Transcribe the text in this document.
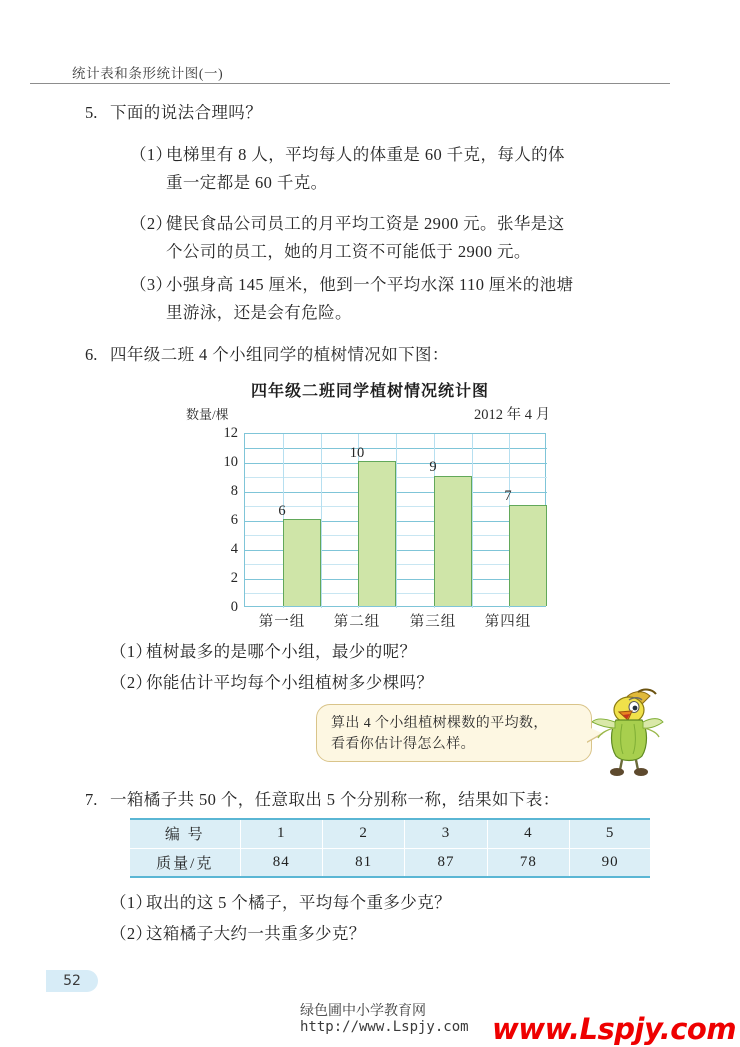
统计表和条形统计图(一)
5. 下面的说法合理吗？
（1）
电梯里有 8 人，平均每人的体重是 60 千克，每人的体
重一定都是 60 千克。
（2）
健民食品公司员工的月平均工资是 2900 元。张华是这
个公司的员工，她的月工资不可能低于 2900 元。
（3）
小强身高 145 厘米，他到一个平均水深 110 厘米的池塘
里游泳，还是会有危险。
6. 四年级二班 4 个小组同学的植树情况如下图：
四年级二班同学植树情况统计图
数量/棵	2012 年 4 月
12
10
8
6
4
2
0
6
10
9
7
第一组	第二组	第三组	第四组
（1）
植树最多的是哪个小组，最少的呢？
（2）
你能估计平均每个小组植树多少棵吗？
算出 4 个小组植树棵数的平均数，
看看你估计得怎么样。
7. 一箱橘子共 50 个，任意取出 5 个分别称一称，结果如下表：
编 号	1	2	3	4	5
质量/克	84	81	87	78	90
（1）
取出的这 5 个橘子，平均每个重多少克？
（2）
这箱橘子大约一共重多少克？
52
绿色圃中小学教育网
http://www.Lspjy.com www.Lspjy.com
